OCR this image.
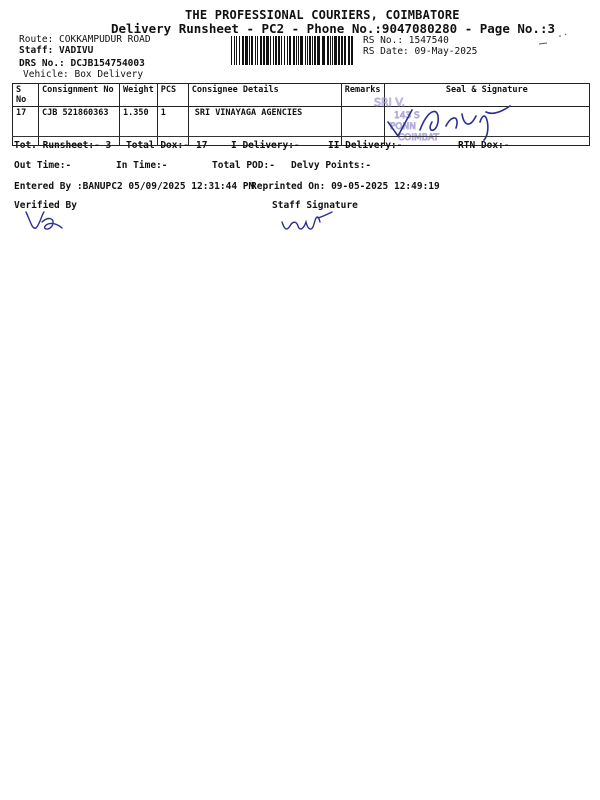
THE PROFESSIONAL COURIERS, COIMBATORE
Delivery Runsheet - PC2 - Phone No.:9047080280 - Page No.:3
Route: COKKAMPUDUR ROAD
Staff: VADIVU
DRS No.: DCJB154754003
Vehicle: Box Delivery
RS No.: 1547540
RS Date: 09-May-2025
S No	Consignment No	Weight	PCS	Consignee Details	Remarks	Seal & Signature
17	CJB 521860363	1.350	1	SRI VINAYAGA AGENCIES		
SRI V.
143 S
PONN
COIMBAT
Tot. Runsheet:- 3 Total Dox:- 17 I Delivery:-	II Delivery:-	RTN Dox:-
Out Time:-	In Time:-	Total POD:- Delvy Points:-
Entered By :BANUPC2 05/09/2025 12:31:44 PM
Reprinted On: 09-05-2025 12:49:19
Verified By	Staff Signature
